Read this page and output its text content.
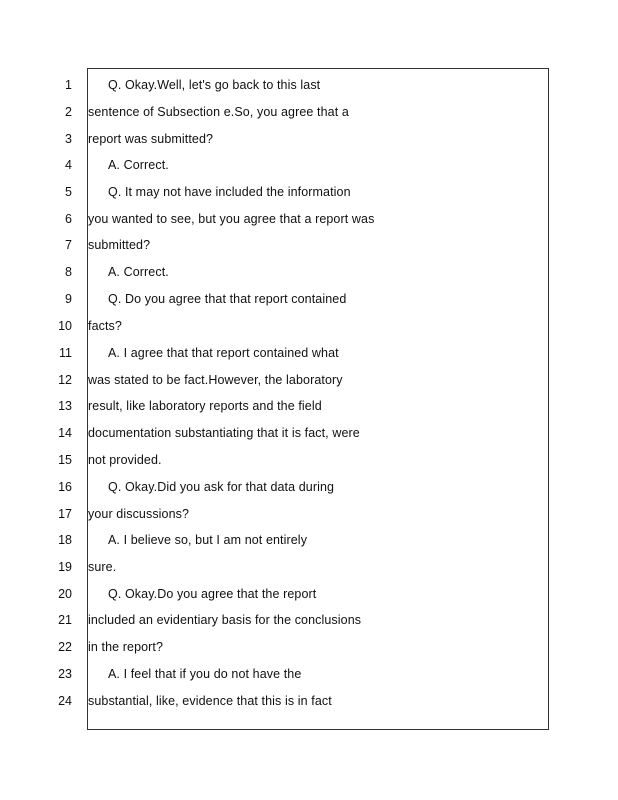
1
2
3
4
5
6
7
8
9
10
11
12
13
14
15
16
17
18
19
20
21
22
23
24
Q. Okay.Well, let's go back to this last
sentence of Subsection e.So, you agree that a
report was submitted?
A. Correct.
Q. It may not have included the information
you wanted to see, but you agree that a report was
submitted?
A. Correct.
Q. Do you agree that that report contained
facts?
A. I agree that that report contained what
was stated to be fact.However, the laboratory
result, like laboratory reports and the field
documentation substantiating that it is fact, were
not provided.
Q. Okay.Did you ask for that data during
your discussions?
A. I believe so, but I am not entirely
sure.
Q. Okay.Do you agree that the report
included an evidentiary basis for the conclusions
in the report?
A. I feel that if you do not have the
substantial, like, evidence that this is in fact
